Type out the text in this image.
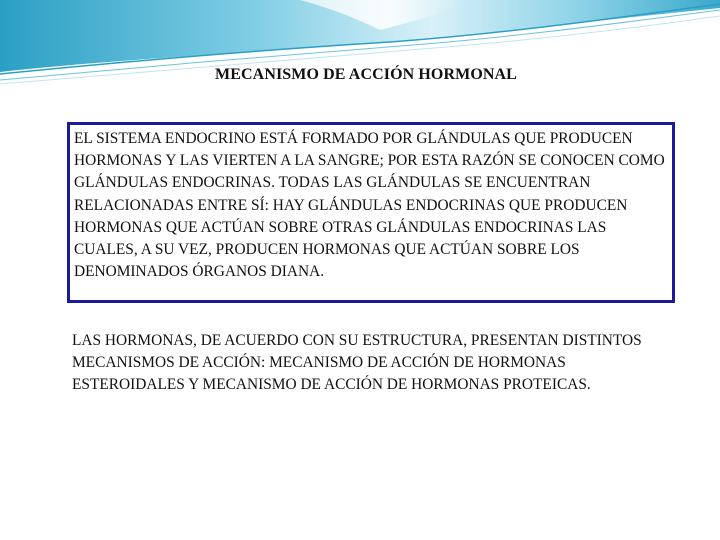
MECANISMO DE ACCIÓN HORMONAL

EL SISTEMA ENDOCRINO ESTÁ FORMADO POR GLÁNDULAS QUE PRODUCEN HORMONAS Y LAS VIERTEN A LA SANGRE; POR ESTA RAZÓN SE CONOCEN COMO GLÁNDULAS ENDOCRINAS. TODAS LAS GLÁNDULAS SE ENCUENTRAN RELACIONADAS ENTRE SÍ: HAY GLÁNDULAS ENDOCRINAS QUE PRODUCEN HORMONAS QUE ACTÚAN SOBRE OTRAS GLÁNDULAS ENDOCRINAS LAS CUALES, A SU VEZ, PRODUCEN HORMONAS QUE ACTÚAN SOBRE LOS DENOMINADOS ÓRGANOS DIANA.

LAS HORMONAS, DE ACUERDO CON SU ESTRUCTURA, PRESENTAN DISTINTOS MECANISMOS DE ACCIÓN: MECANISMO DE ACCIÓN DE HORMONAS ESTEROIDALES Y MECANISMO DE ACCIÓN DE HORMONAS PROTEICAS.
